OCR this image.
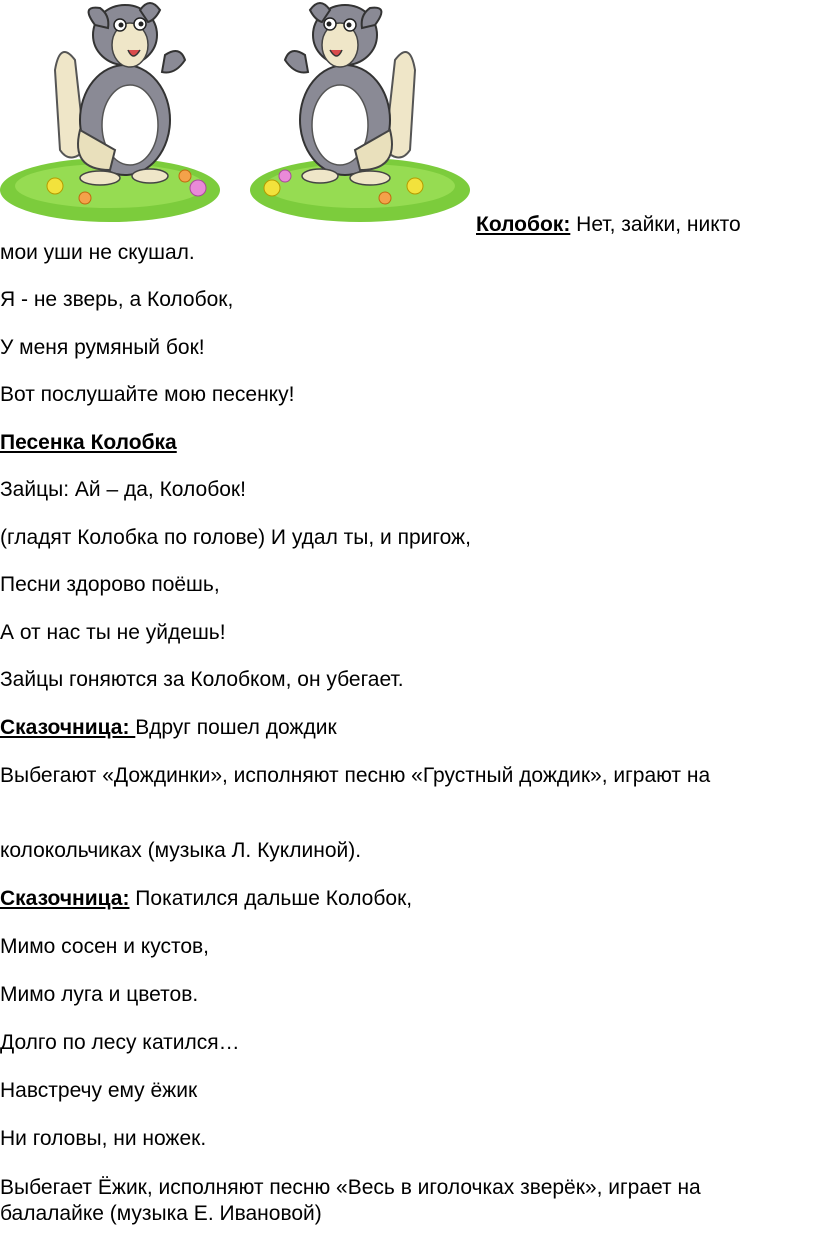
Колобок: Нет, зайки, никто

мои уши не скушал.

Я - не зверь, а Колобок,

У меня румяный бок!

Вот послушайте мою песенку!

Песенка Колобка

Зайцы: Ай – да, Колобок!

(гладят Колобка по голове) И удал ты, и пригож,

Песни здорово поёшь,

А от нас ты не уйдешь!

Зайцы гоняются за Колобком, он убегает.

Сказочница: Вдруг пошел дождик

Выбегают «Дождинки», исполняют песню «Грустный дождик», играют на

колокольчиках (музыка Л. Куклиной).

Сказочница: Покатился дальше Колобок,

Мимо сосен и кустов,

Мимо луга и цветов.

Долго по лесу катился…

Навстречу ему ёжик

Ни головы, ни ножек.

Выбегает Ёжик, исполняют песню «Весь в иголочках зверёк», играет на балалайке (музыка Е. Ивановой)
